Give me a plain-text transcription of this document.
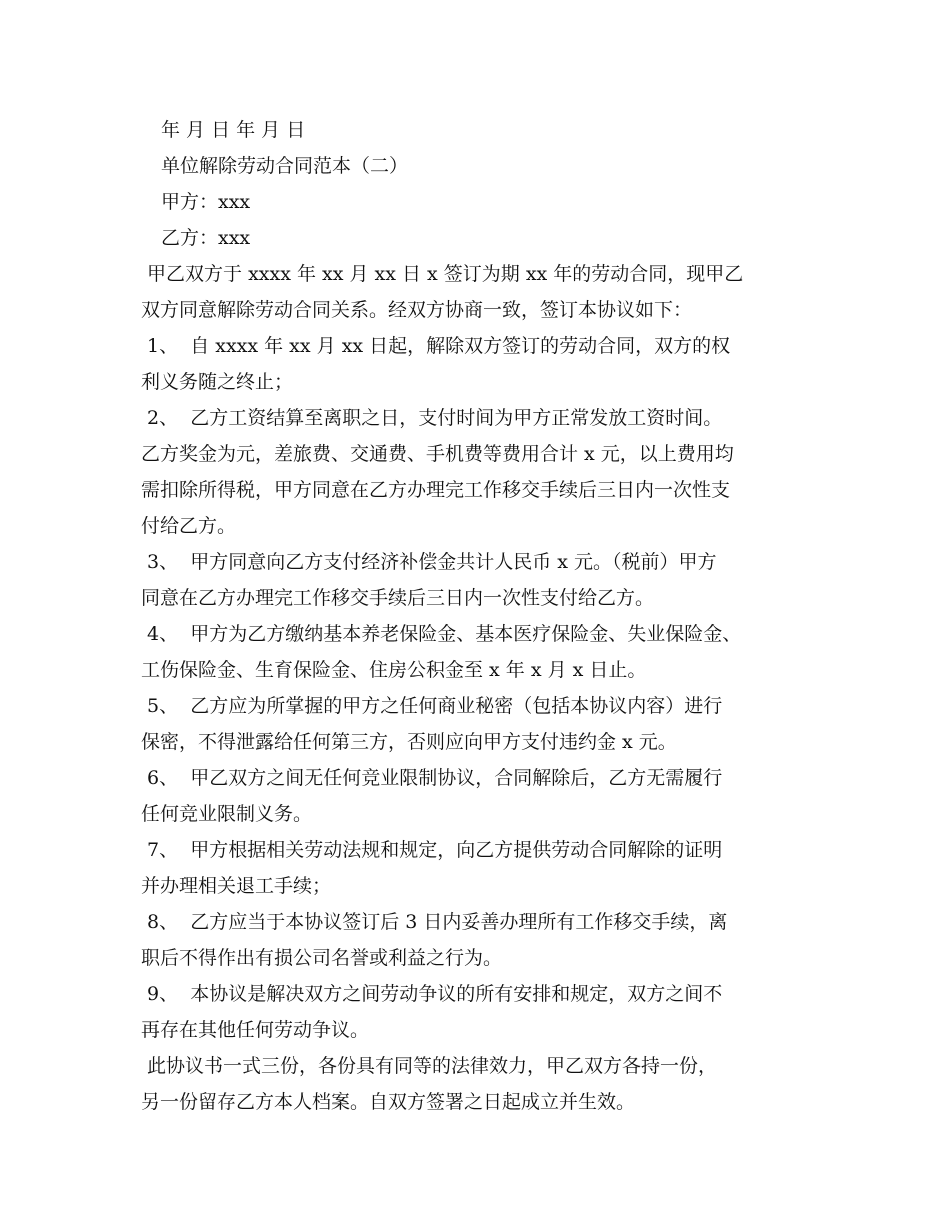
年 月 日 年 月 日
单位解除劳动合同范本（二）
甲方：xxx
乙方：xxx
甲乙双方于 xxxx 年 xx 月 xx 日 x 签订为期 xx 年的劳动合同，现甲乙
双方同意解除劳动合同关系。经双方协商一致，签订本协议如下：
1、  自 xxxx 年 xx 月 xx 日起，解除双方签订的劳动合同，双方的权
利义务随之终止；
2、  乙方工资结算至离职之日，支付时间为甲方正常发放工资时间。
乙方奖金为元，差旅费、交通费、手机费等费用合计 x 元，以上费用均
需扣除所得税，甲方同意在乙方办理完工作移交手续后三日内一次性支
付给乙方。
3、  甲方同意向乙方支付经济补偿金共计人民币 x 元。（税前）甲方
同意在乙方办理完工作移交手续后三日内一次性支付给乙方。
4、  甲方为乙方缴纳基本养老保险金、基本医疗保险金、失业保险金、
工伤保险金、生育保险金、住房公积金至 x 年 x 月 x 日止。
5、  乙方应为所掌握的甲方之任何商业秘密（包括本协议内容）进行
保密，不得泄露给任何第三方，否则应向甲方支付违约金 x 元。
6、  甲乙双方之间无任何竞业限制协议，合同解除后，乙方无需履行
任何竞业限制义务。
7、  甲方根据相关劳动法规和规定，向乙方提供劳动合同解除的证明
并办理相关退工手续；
8、  乙方应当于本协议签订后 3 日内妥善办理所有工作移交手续，离
职后不得作出有损公司名誉或利益之行为。
9、  本协议是解决双方之间劳动争议的所有安排和规定，双方之间不
再存在其他任何劳动争议。
此协议书一式三份，各份具有同等的法律效力，甲乙双方各持一份，
另一份留存乙方本人档案。自双方签署之日起成立并生效。
